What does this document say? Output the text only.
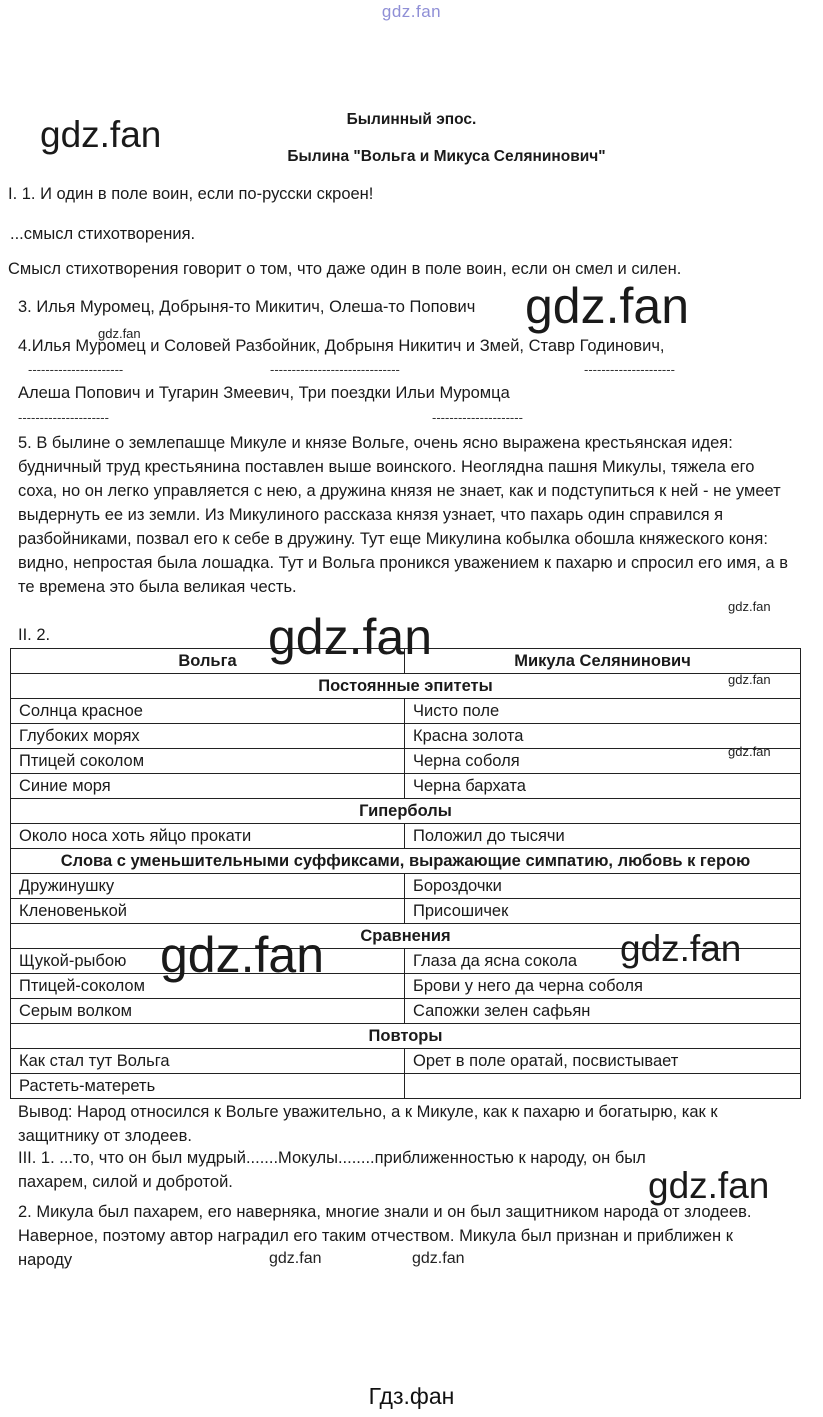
gdz.fan
Былинный эпос.
gdz.fan
Былина "Вольга и Микуса Селянинович"
I. 1. И один в поле воин, если по-русски скроен!
...смысл стихотворения.
Смысл стихотворения говорит о том, что даже один в поле воин, если он смел и силен.
3. Илья Муромец, Добрыня-то Микитич, Олеша-то Попович gdz.fan
gdz.fan
4.Илья Муромец и Соловей Разбойник, Добрыня Никитич и Змей, Ставр Годинович,
----------------------	------------------------------	---------------------
Алеша Попович и Тугарин Змеевич, Три поездки Ильи Муромца
---------------------	---------------------
5. В былине о землепашце Микуле и князе Вольге, очень ясно выражена крестьянская идея: будничный труд крестьянина поставлен выше воинского. Неоглядна пашня Микулы, тяжела его соха, но он легко управляется с нею, а дружина князя не знает, как и подступиться к ней - не умеет выдернуть ее из земли. Из Микулиного рассказа князя узнает, что пахарь один справился я разбойниками, позвал его к себе в дружину. Тут еще Микулина кобылка обошла княжеского коня: видно, непростая была лошадка. Тут и Вольга проникся уважением к пахарю и спросил его имя, а в те времена это была великая честь.
gdz.fan
II. 2.	gdz.fan
Вольга	Микула Селянинович
Постоянные эпитеты	
Солнца красное	Чисто поле
Глубоких морях	Красна золота
Птицей соколом	Черна соболя
Синие моря	Черна бархата
Гиперболы	
Около носа хоть яйцо прокати	Положил до тысячи
Слова с уменьшительными суффиксами, выражающие симпатию, любовь к герою	
Дружинушку	Бороздочки
Кленовенькой	Присошичек
Сравнения	
Щукой-рыбою	Глаза да ясна сокола
Птицей-соколом	Брови у него да черна соболя
Серым волком	Сапожки зелен сафьян
Повторы	
Как стал тут Вольга	Орет в поле оратай, посвистывает
Растеть-матереть	
gdz.fan
gdz.fan
gdz.fan	gdz.fan
Вывод: Народ относился к Вольге уважительно, а к Микуле, как к пахарю и богатырю, как к защитнику от злодеев.
III. 1. ...то, что он был мудрый.......Мокулы........приближенностью к народу, он был
пахарем, силой и добротой.	gdz.fan
2. Микула был пахарем, его наверняка, многие знали и он был защитником народа от злодеев. Наверное, поэтому автор наградил его таким отчеством. Микула был признан и приближен к народу	gdz.fan	gdz.fan
Гдз.фан
